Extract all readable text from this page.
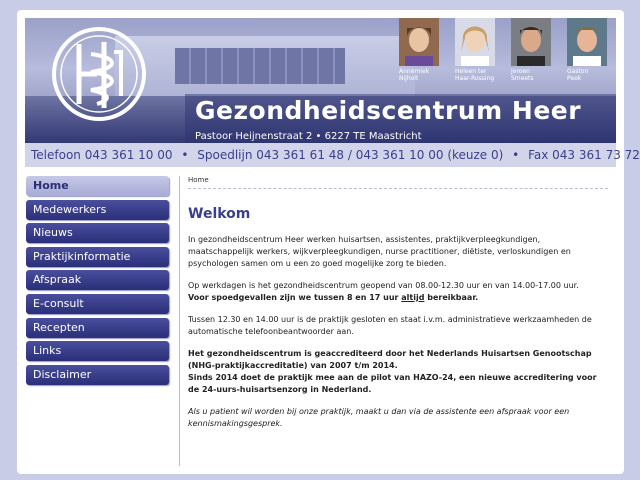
Gezondheidscentrum Heer
Pastoor Heijnenstraat 2 • 6227 TE Maastricht
Annemiek
Nijholt
Heleen ter
Haar-Rossing
Jeroen
Smeets
Gaston
Peek
Telefoon 043 361 10 00 • Spoedlijn 043 361 61 48 / 043 361 10 00 (keuze 0) • Fax 043 361 73 72
Home
Medewerkers
Nieuws
Praktijkinformatie
Afspraak
E-consult
Recepten
Links
Disclaimer
Home
Welkom

In gezondheidscentrum Heer werken huisartsen, assistentes, praktijkverpleegkundigen, maatschappelijk werkers, wijkverpleegkundigen, nurse practitioner, diëtiste, verloskundigen en psychologen samen om u een zo goed mogelijke zorg te bieden.

Op werkdagen is het gezondheidscentrum geopend van 08.00-12.30 uur en van 14.00-17.00 uur.
Voor spoedgevallen zijn we tussen 8 en 17 uur altijd bereikbaar.

Tussen 12.30 en 14.00 uur is de praktijk gesloten en staat i.v.m. administratieve werkzaamheden de automatische telefoonbeantwoorder aan.

Het gezondheidscentrum is geaccrediteerd door het Nederlands Huisartsen Genootschap (NHG-praktijkaccreditatie) van 2007 t/m 2014.
Sinds 2014 doet de praktijk mee aan de pilot van HAZO-24, een nieuwe accreditering voor de 24-uurs-huisartsenzorg in Nederland.

Als u patient wil worden bij onze praktijk, maakt u dan via de assistente een afspraak voor een kennismakingsgesprek.
